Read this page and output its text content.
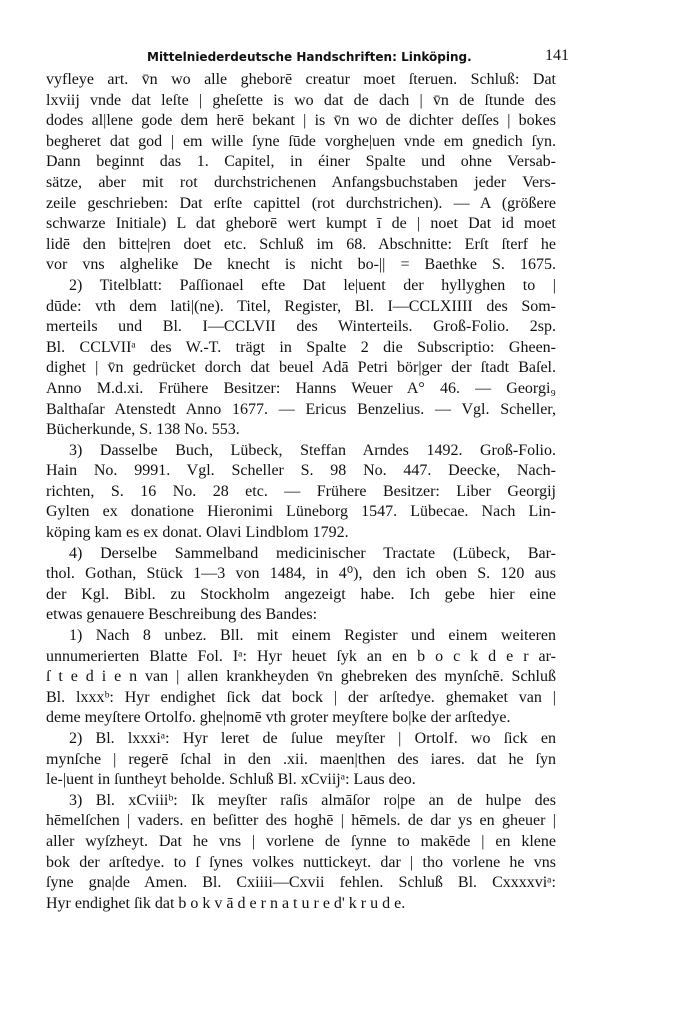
Mittelniederdeutsche Handschriften: Linköping.	141
vyfleye art. v̄n wo alle gheborē creatur moet ſteruen. Schluß: Dat
lxviij vnde dat leſte | gheſette is wo dat de dach | v̄n de ſtunde des
dodes al|lene gode dem herē bekant | is v̄n wo de dichter deſſes | bokes
begheret dat god | em wille ſyne ſūde vorghe|uen vnde em gnedich ſyn.
Dann beginnt das 1. Capitel, in éiner Spalte und ohne Versab-
sätze, aber mit rot durchstrichenen Anfangsbuchstaben jeder Vers-
zeile geschrieben: Dat erſte capittel (rot durchstrichen). — A (größere
schwarze Initiale) L dat gheborē wert kumpt ī de | noet Dat id moet
lidē den bitte|ren doet etc. Schluß im 68. Abschnitte: Erſt ſterf he
vor vns alghelike De knecht is nicht bo-|| = Baethke S. 1675.
2) Titelblatt: Paſſionael efte Dat le|uent der hyllyghen to |
dūde: vth dem lati|(ne). Titel, Register, Bl. I—CCLXIIII des Som-
merteils und Bl. I—CCLVII des Winterteils. Groß-Folio. 2sp.
Bl. CCLVIIᵃ des W.-T. trägt in Spalte 2 die Subscriptio: Gheen-
dighet | v̄n gedrücket dorch dat beuel Adā Petri bör|ger der ſtadt Baſel.
Anno M.d.xi. Frühere Besitzer: Hanns Weuer A° 46. — Georgi₉
Balthaſar Atenstedt Anno 1677. — Ericus Benzelius. — Vgl. Scheller,
Bücherkunde, S. 138 No. 553.
3) Dasselbe Buch, Lübeck, Steffan Arndes 1492. Groß-Folio.
Hain No. 9991. Vgl. Scheller S. 98 No. 447. Deecke, Nach-
richten, S. 16 No. 28 etc. — Frühere Besitzer: Liber Georgij
Gylten ex donatione Hieronimi Lüneborg 1547. Lübecae. Nach Lin-
köping kam es ex donat. Olavi Lindblom 1792.
4) Derselbe Sammelband medicinischer Tractate (Lübeck, Bar-
thol. Gothan, Stück 1—3 von 1484, in 4⁰), den ich oben S. 120 aus
der Kgl. Bibl. zu Stockholm angezeigt habe. Ich gebe hier eine
etwas genauere Beschreibung des Bandes:
1) Nach 8 unbez. Bll. mit einem Register und einem weiteren
unnumerierten Blatte Fol. Iᵃ: Hyr heuet ſyk an en b o c k d e r ar-
ſ t e d i e n van | allen krankheyden v̄n ghebreken des mynſchē. Schluß
Bl. lxxxᵇ: Hyr endighet ſick dat bock | der arſtedye. ghemaket van |
deme meyſtere Ortolfo. ghe|nomē vth groter meyſtere bo|ke der arſtedye.
2) Bl. lxxxiᵃ: Hyr leret de ſulue meyſter | Ortolf. wo ſick en
mynſche | regerē ſchal in den .xii. maen|then des iares. dat he ſyn
le-|uent in ſuntheyt beholde. Schluß Bl. xCviijᵃ: Laus deo.
3) Bl. xCviiiᵇ: Ik meyſter raſis almāſor ro|pe an de hulpe des
hēmelſchen | vaders. en beſitter des hoghē | hēmels. de dar ys en gheuer |
aller wyſzheyt. Dat he vns | vorlene de ſynne to makēde | en klene
bok der arſtedye. to ſ ſynes volkes nuttickeyt. dar | tho vorlene he vns
ſyne gna|de Amen. Bl. Cxiiii—Cxvii fehlen. Schluß Bl. Cxxxxviᵃ:
Hyr endighet ſik dat b o k v ā d e r n a t u r e d' k r u d e.
